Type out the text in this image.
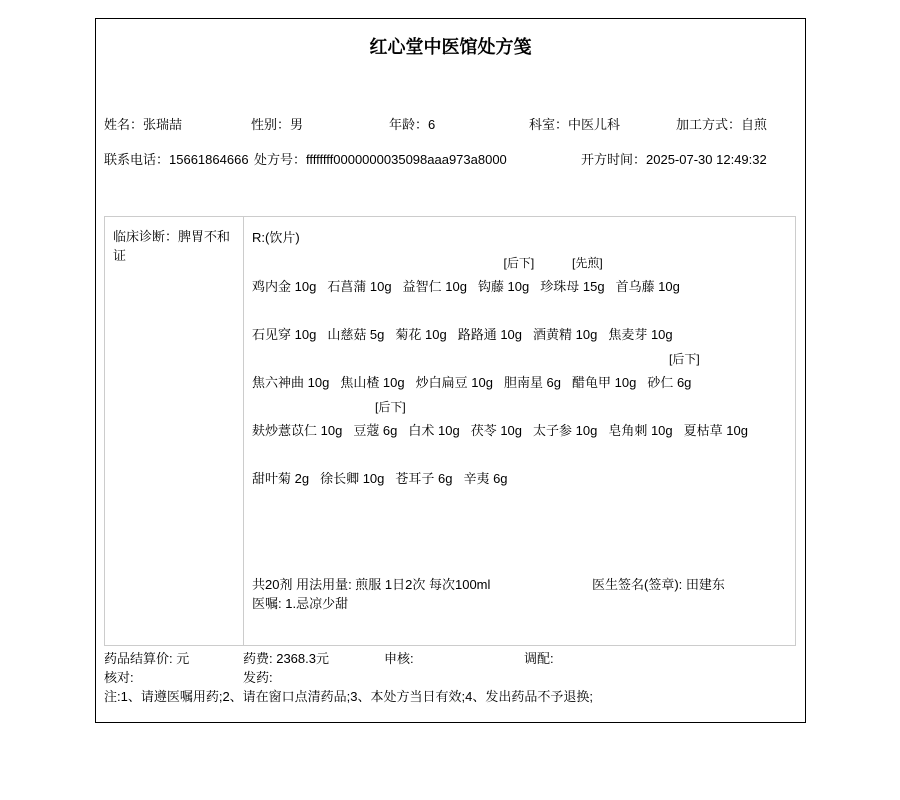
红心堂中医馆处方笺
姓名：张瑞喆	性别：男	年龄：6	科室：中医儿科	加工方式：自煎
联系电话：15661864666 处方号：ffffffff0000000035098aaa973a8000	开方时间：2025-07-30 12:49:32
临床诊断：脾胃不和证
R:(饮片)
鸡内金 10g 石菖蒲 10g 益智仁 10g 钩藤 10g 珍珠母 15g 首乌藤 10g
[后下]	[先煎]
石见穿 10g 山慈菇 5g 菊花 10g 路路通 10g 酒黄精 10g 焦麦芽 10g
焦六神曲 10g 焦山楂 10g 炒白扁豆 10g 胆南星 6g 醋龟甲 10g 砂仁 6g
[后下]
麸炒薏苡仁 10g 豆蔻 6g 白术 10g 茯苓 10g 太子参 10g 皂角刺 10g 夏枯草 10g
[后下]
甜叶菊 2g 徐长卿 10g 苍耳子 6g 辛夷 6g
共20剂 用法用量: 煎服 1日2次 每次100ml	医生签名(签章): 田建东
医嘱: 1.忌凉少甜
药品结算价: 元	药费: 2368.3元	申核:	调配:
核对:	发药:
注:1、请遵医嘱用药;2、请在窗口点清药品;3、本处方当日有效;4、发出药品不予退换;
